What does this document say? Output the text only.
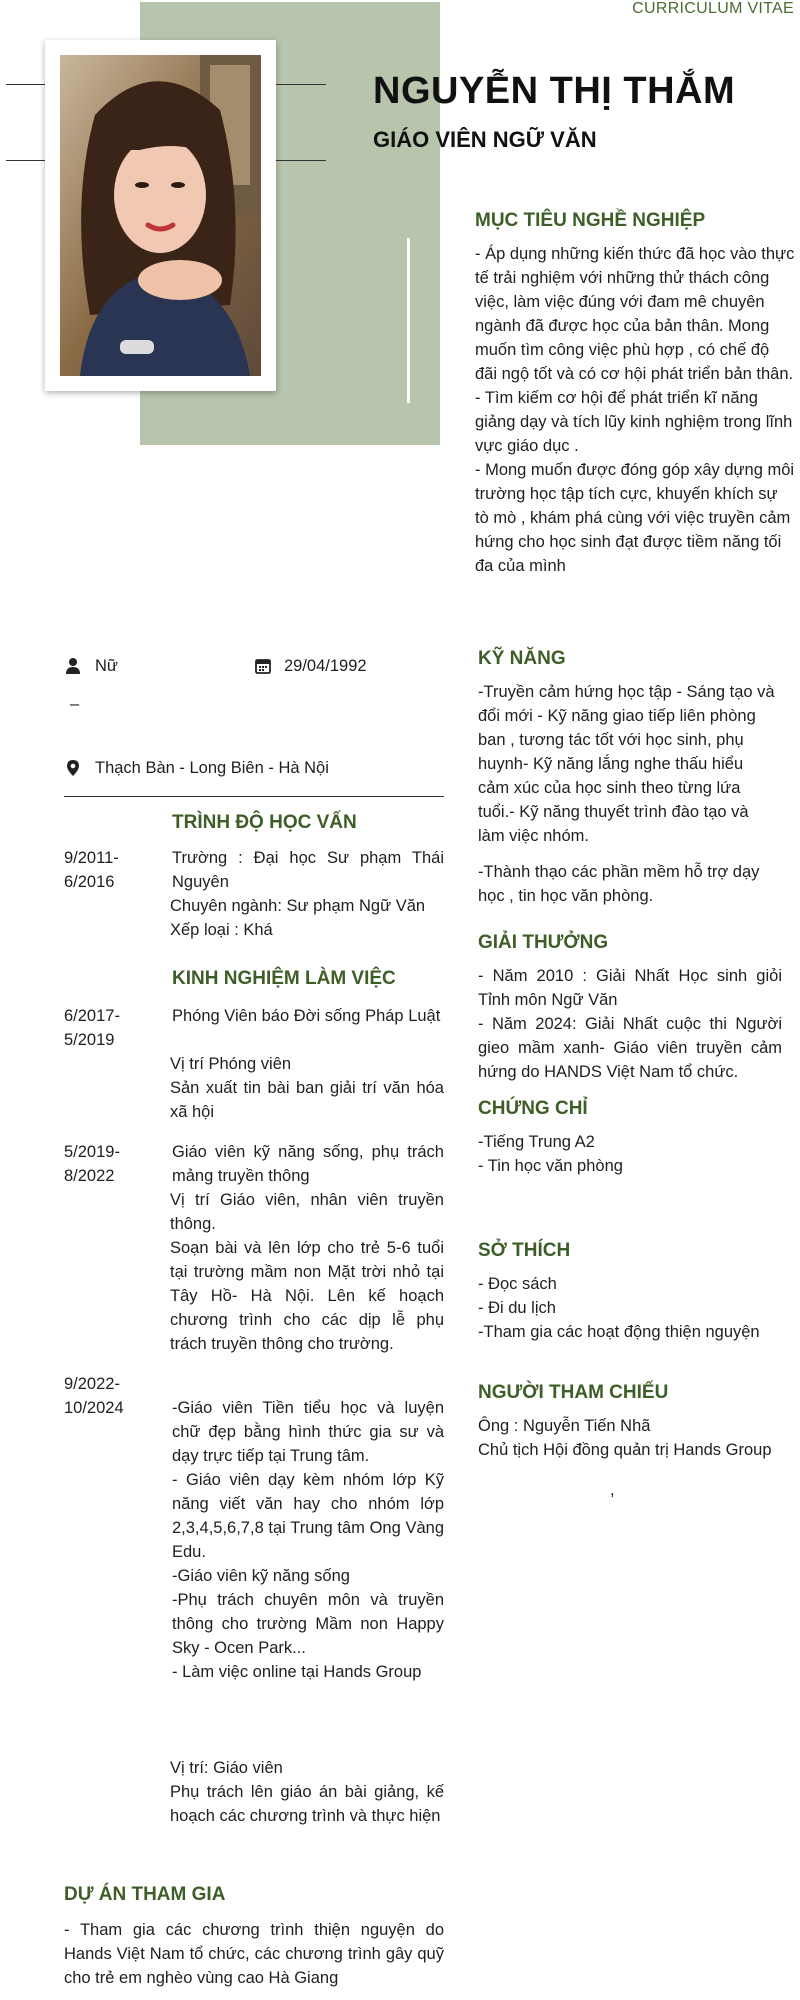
CURRICULUM VITAE
NGUYỄN THỊ THẮM
GIÁO VIÊN NGỮ VĂN
MỤC TIÊU NGHỀ NGHIỆP
- Áp dụng những kiến thức đã học vào thực tế trải nghiệm với những thử thách công việc, làm việc đúng với đam mê chuyên ngành đã được học của bản thân. Mong muốn tìm công việc phù hợp , có chế độ đãi ngộ tốt và có cơ hội phát triển bản thân.
- Tìm kiếm cơ hội để phát triển kĩ năng giảng dạy và tích lũy kinh nghiệm trong lĩnh vực giáo dục .
- Mong muốn được đóng góp xây dựng môi trường học tập tích cực, khuyến khích sự tò mò , khám phá cùng với việc truyền cảm hứng cho học sinh đạt được tiềm năng tối đa của mình
Nữ	29/04/1992
–
Thạch Bàn - Long Biên - Hà Nội
TRÌNH ĐỘ HỌC VẤN
9/2011-
6/2016
Trường : Đại học Sư phạm Thái Nguyên
Chuyên ngành: Sư phạm Ngữ Văn
Xếp loại : Khá
KINH NGHIỆM LÀM VIỆC
6/2017-
5/2019
Phóng Viên báo Đời sống Pháp Luật
Vị trí Phóng viên
Sản xuất tin bài ban giải trí văn hóa xã hội
5/2019-
8/2022
Giáo viên kỹ năng sống, phụ trách mảng truyền thông
Vị trí Giáo viên, nhân viên truyền thông.
Soạn bài và lên lớp cho trẻ 5-6 tuổi tại trường mầm non Mặt trời nhỏ tại Tây Hồ- Hà Nội. Lên kế hoạch chương trình cho các dịp lễ phụ trách truyền thông cho trường.
9/2022-
10/2024	-Giáo viên Tiền tiểu học và luyện chữ đẹp bằng hình thức gia sư và dạy trực tiếp tại Trung tâm.
- Giáo viên dạy kèm nhóm lớp Kỹ năng viết văn hay cho nhóm lớp 2,3,4,5,6,7,8 tại Trung tâm Ong Vàng Edu.
-Giáo viên kỹ năng sống
-Phụ trách chuyên môn và truyền thông cho trường Mầm non Happy Sky - Ocen Park...
- Làm việc online tại Hands Group
Vị trí: Giáo viên
Phụ trách lên giáo án bài giảng, kế hoạch các chương trình và thực hiện
DỰ ÁN THAM GIA
- Tham gia các chương trình thiện nguyện do Hands Việt Nam tổ chức, các chương trình gây quỹ cho trẻ em nghèo vùng cao Hà Giang
KỸ NĂNG
-Truyền cảm hứng học tập - Sáng tạo và đổi mới - Kỹ năng giao tiếp liên phòng ban , tương tác tốt với học sinh, phụ huynh- Kỹ năng lắng nghe thấu hiểu cảm xúc của học sinh theo từng lứa tuổi.- Kỹ năng thuyết trình đào tạo và làm việc nhóm.
-Thành thạo các phần mềm hỗ trợ dạy học , tin học văn phòng.
GIẢI THƯỞNG
- Năm 2010 : Giải Nhất Học sinh giỏi Tỉnh môn Ngữ Văn
- Năm 2024: Giải Nhất cuộc thi Người gieo mầm xanh- Giáo viên truyền cảm hứng do HANDS Việt Nam tổ chức.
CHỨNG CHỈ
-Tiếng Trung A2
- Tin học văn phòng
SỞ THÍCH
- Đọc sách
- Đi du lịch
-Tham gia các hoạt động thiện nguyện
NGƯỜI THAM CHIẾU
Ông : Nguyễn Tiến Nhã
Chủ tịch Hội đồng quản trị Hands Group
,
